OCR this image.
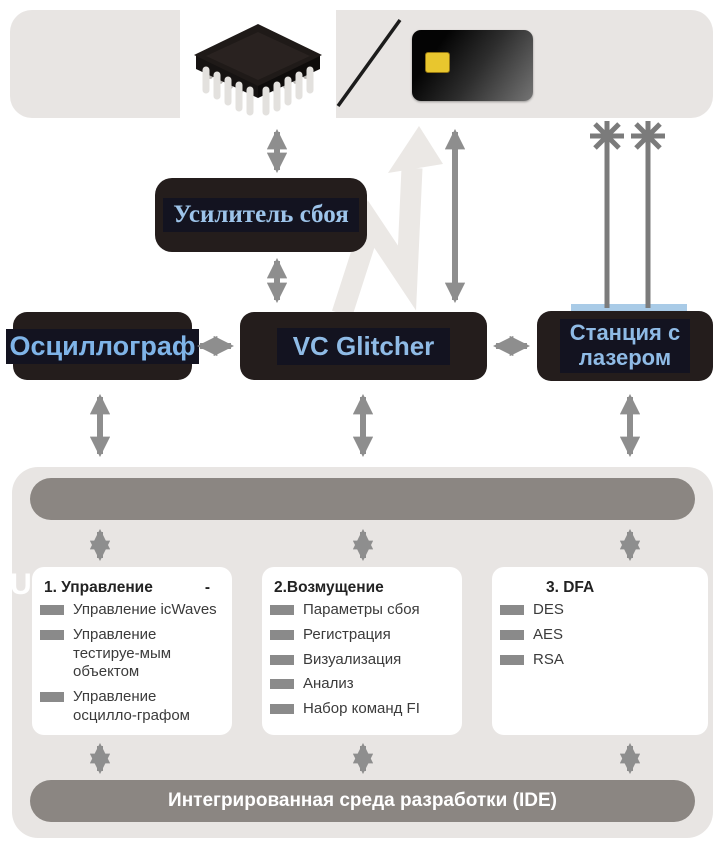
Усилитель сбоя
Осциллограф	VC Glitcher	Станция с
лазером
U 1. Управление	-
Управление icWaves
Управление тестируе-мым объектом
Управление осцилло-графом
2.Возмущение
Параметры сбоя
Регистрация
Визуализация
Анализ
Набор команд FI
3. DFA
DES
AES
RSA
Интегрированная среда разработки (IDE)
